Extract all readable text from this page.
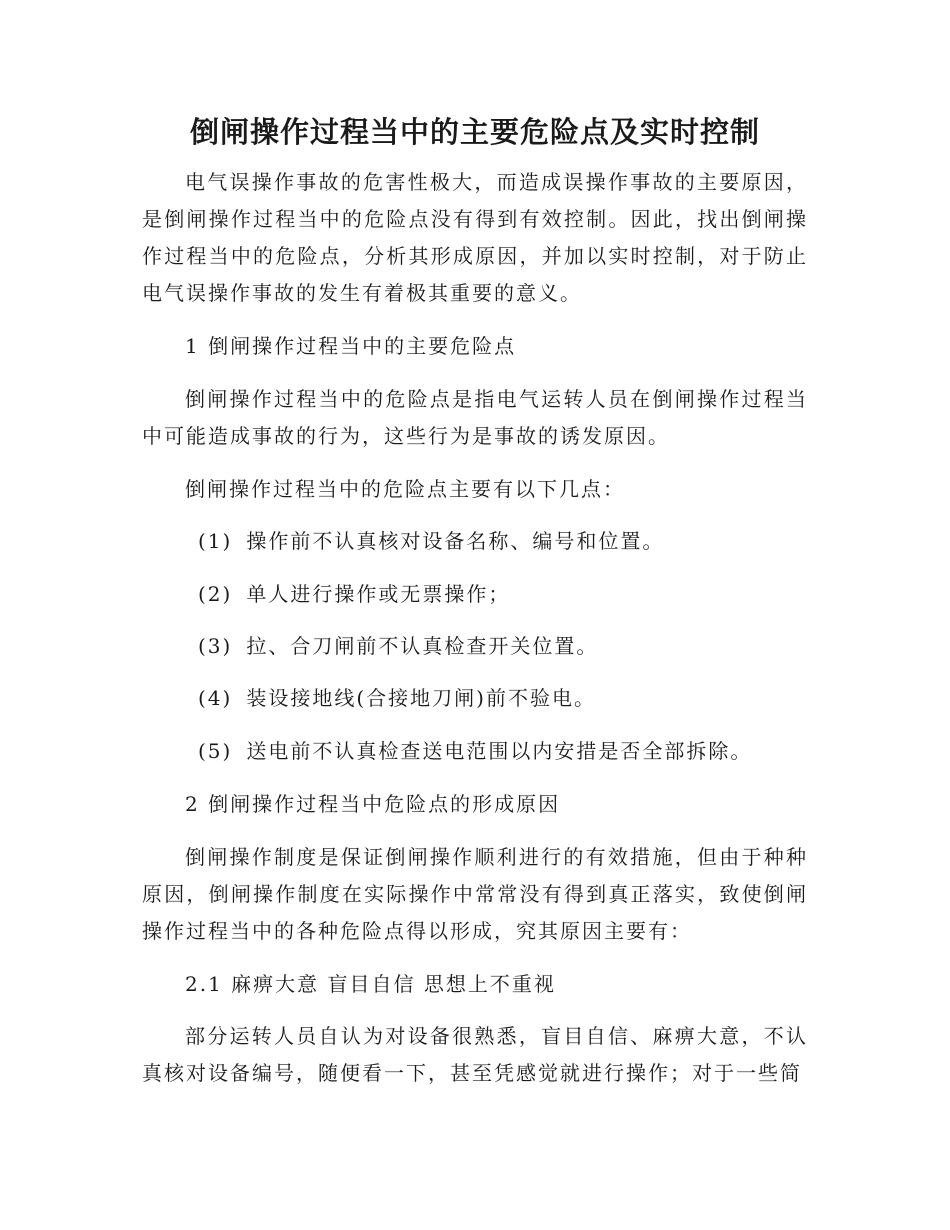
倒闸操作过程当中的主要危险点及实时控制

电气误操作事故的危害性极大，而造成误操作事故的主要原因，是倒闸操作过程当中的危险点没有得到有效控制。因此，找出倒闸操作过程当中的危险点，分析其形成原因，并加以实时控制，对于防止电气误操作事故的发生有着极其重要的意义。

1 倒闸操作过程当中的主要危险点

倒闸操作过程当中的危险点是指电气运转人员在倒闸操作过程当中可能造成事故的行为，这些行为是事故的诱发原因。

倒闸操作过程当中的危险点主要有以下几点：

(1) 操作前不认真核对设备名称、编号和位置。

(2) 单人进行操作或无票操作；

(3) 拉、合刀闸前不认真检查开关位置。

(4) 装设接地线(合接地刀闸)前不验电。

(5) 送电前不认真检查送电范围以内安措是否全部拆除。

2 倒闸操作过程当中危险点的形成原因

倒闸操作制度是保证倒闸操作顺利进行的有效措施，但由于种种原因，倒闸操作制度在实际操作中常常没有得到真正落实，致使倒闸操作过程当中的各种危险点得以形成，究其原因主要有：

2.1 麻痹大意 盲目自信 思想上不重视

部分运转人员自认为对设备很熟悉，盲目自信、麻痹大意，不认真核对设备编号，随便看一下，甚至凭感觉就进行操作；对于一些简
